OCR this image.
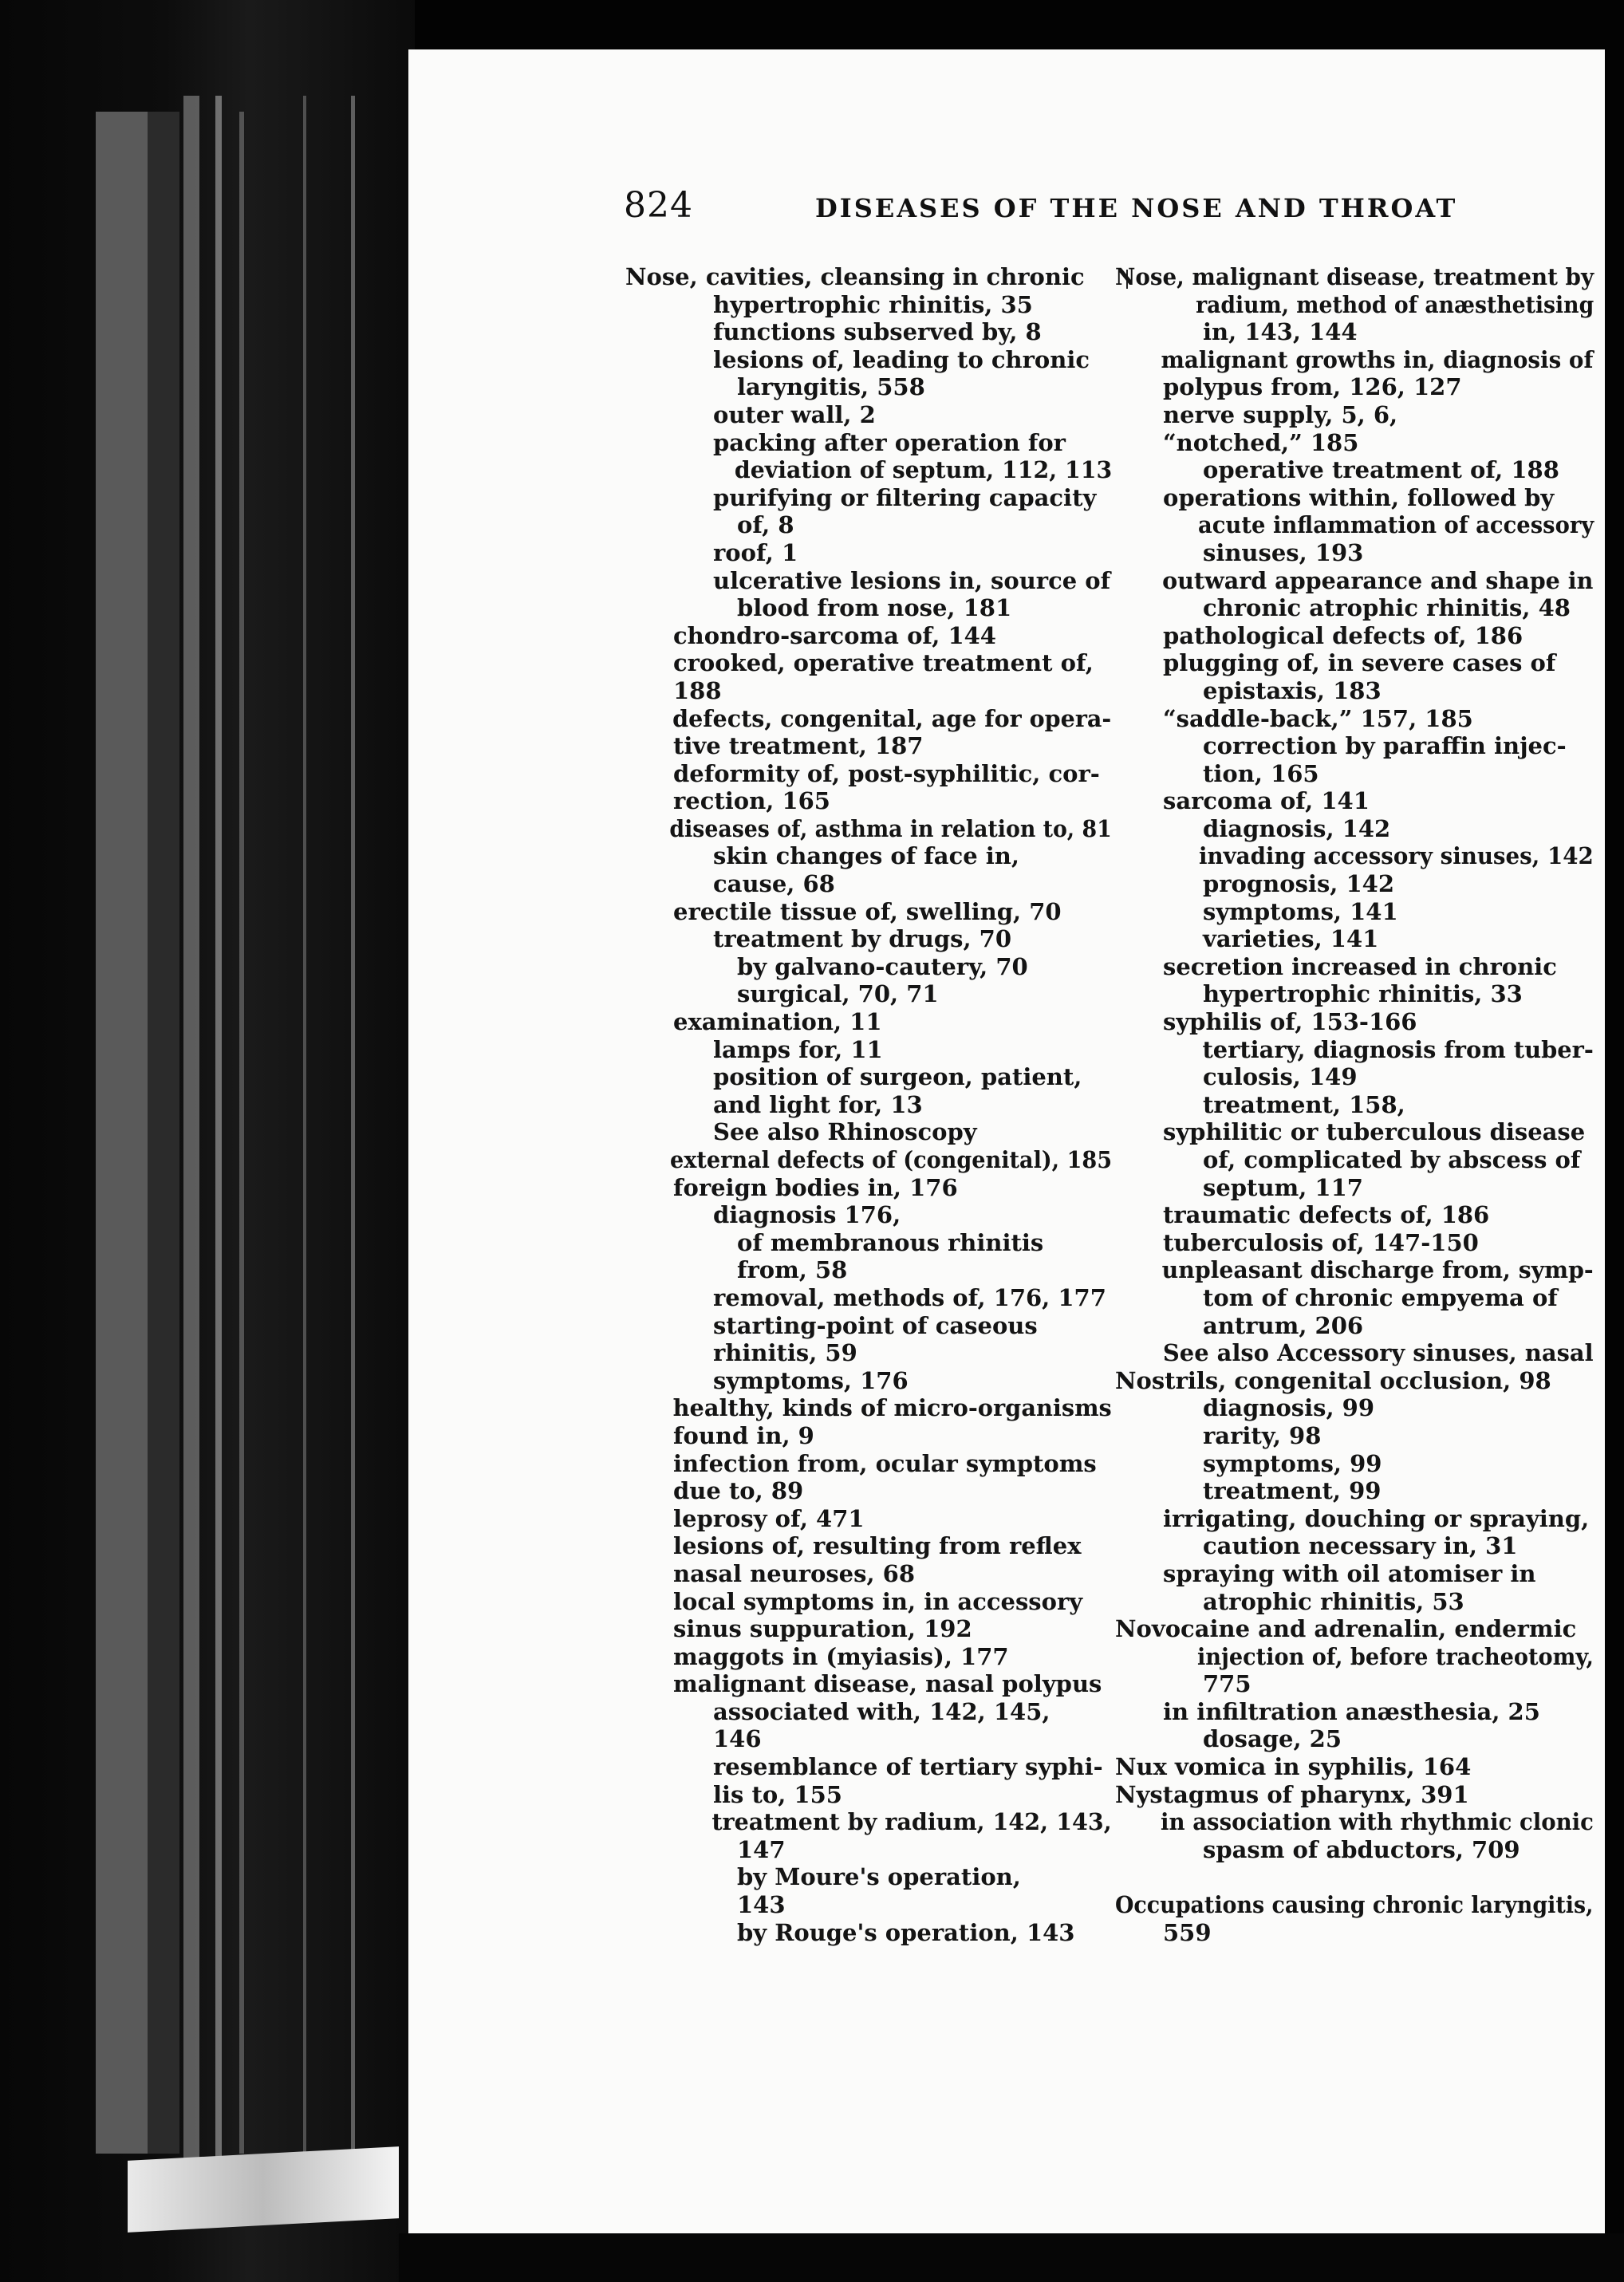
824	DISEASES OF THE NOSE AND THROAT
Nose, cavities, cleansing in chronic
hypertrophic rhinitis, 35
functions subserved by, 8
lesions of, leading to chronic
laryngitis, 558
outer wall, 2
packing after operation for
deviation of septum, 112, 113
purifying or filtering capacity
of, 8
roof, 1
ulcerative lesions in, source of
blood from nose, 181
chondro-sarcoma of, 144
crooked, operative treatment of,
188
defects, congenital, age for opera-
tive treatment, 187
deformity of, post-syphilitic, cor-
rection, 165
diseases of, asthma in relation to, 81
skin changes of face in,
cause, 68
erectile tissue of, swelling, 70
treatment by drugs, 70
by galvano-cautery, 70
surgical, 70, 71
examination, 11
lamps for, 11
position of surgeon, patient,
and light for, 13
See also Rhinoscopy
external defects of (congenital), 185
foreign bodies in, 176
diagnosis 176,
of membranous rhinitis
from, 58
removal, methods of, 176, 177
starting-point of caseous
rhinitis, 59
symptoms, 176
healthy, kinds of micro-organisms
found in, 9
infection from, ocular symptoms
due to, 89
leprosy of, 471
lesions of, resulting from reflex
nasal neuroses, 68
local symptoms in, in accessory
sinus suppuration, 192
maggots in (myiasis), 177
malignant disease, nasal polypus
associated with, 142, 145,
146
resemblance of tertiary syphi-
lis to, 155
treatment by radium, 142, 143,
147
by Moure's operation,
143
by Rouge's operation, 143
Nose, malignant disease, treatment by
radium, method of anæsthetising
in, 143, 144
malignant growths in, diagnosis of
polypus from, 126, 127
nerve supply, 5, 6,
“notched,” 185
operative treatment of, 188
operations within, followed by
acute inflammation of accessory
sinuses, 193
outward appearance and shape in
chronic atrophic rhinitis, 48
pathological defects of, 186
plugging of, in severe cases of
epistaxis, 183
“saddle-back,” 157, 185
correction by paraffin injec-
tion, 165
sarcoma of, 141
diagnosis, 142
invading accessory sinuses, 142
prognosis, 142
symptoms, 141
varieties, 141
secretion increased in chronic
hypertrophic rhinitis, 33
syphilis of, 153-166
tertiary, diagnosis from tuber-
culosis, 149
treatment, 158,
syphilitic or tuberculous disease
of, complicated by abscess of
septum, 117
traumatic defects of, 186
tuberculosis of, 147-150
unpleasant discharge from, symp-
tom of chronic empyema of
antrum, 206
See also Accessory sinuses, nasal
Nostrils, congenital occlusion, 98
diagnosis, 99
rarity, 98
symptoms, 99
treatment, 99
irrigating, douching or spraying,
caution necessary in, 31
spraying with oil atomiser in
atrophic rhinitis, 53
Novocaine and adrenalin, endermic
injection of, before tracheotomy,
775
in infiltration anæsthesia, 25
dosage, 25
Nux vomica in syphilis, 164
Nystagmus of pharynx, 391
in association with rhythmic clonic
spasm of abductors, 709
Occupations causing chronic laryngitis,
559
